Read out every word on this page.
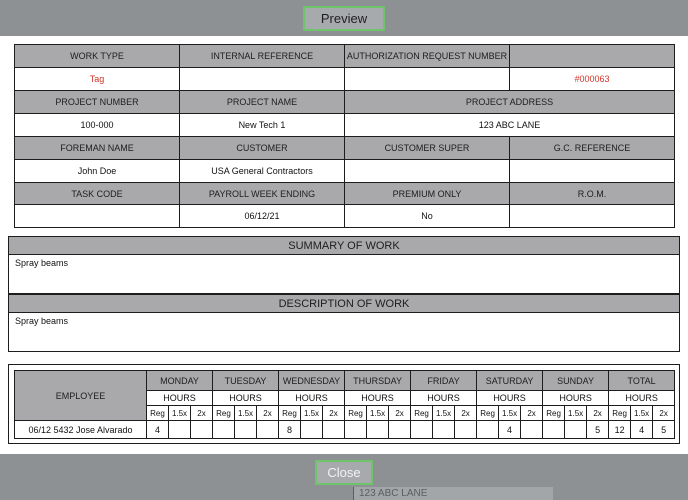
Preview
WORK TYPE	INTERNAL REFERENCE	AUTHORIZATION REQUEST NUMBER	
Tag			#000063
PROJECT NUMBER	PROJECT NAME	PROJECT ADDRESS	
100-000	New Tech 1	123 ABC LANE	
FOREMAN NAME	CUSTOMER	CUSTOMER SUPER	G.C. REFERENCE
John Doe	USA General Contractors		
TASK CODE	PAYROLL WEEK ENDING	PREMIUM ONLY	R.O.M.
	06/12/21	No	
SUMMARY OF WORK
Spray beams
DESCRIPTION OF WORK
Spray beams
EMPLOYEE	MONDAY			TUESDAY			WEDNESDAY			THURSDAY			FRIDAY			SATURDAY			SUNDAY			TOTAL		
	HOURS			HOURS			HOURS			HOURS			HOURS			HOURS			HOURS			HOURS		
	Reg	1.5x	2x	Reg	1.5x	2x	Reg	1.5x	2x	Reg	1.5x	2x	Reg	1.5x	2x	Reg	1.5x	2x	Reg	1.5x	2x	Reg	1.5x	2x
06/12 5432 Jose Alvarado	4						8										4				5	12	4	5
Close
123 ABC LANE
